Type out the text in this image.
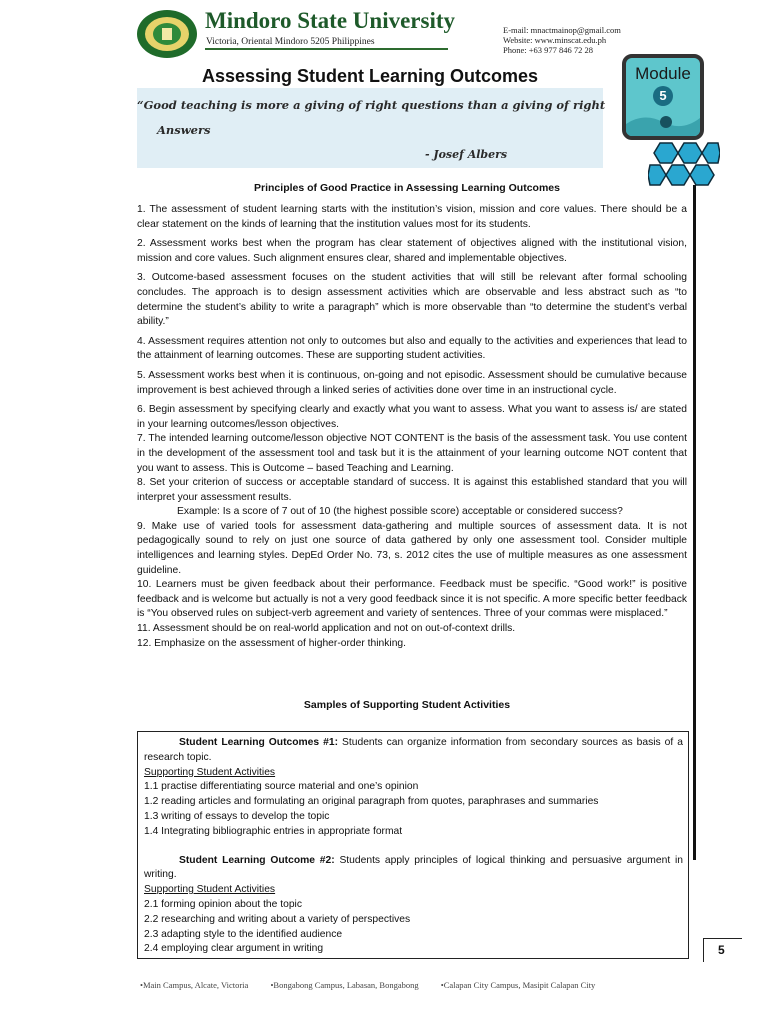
Mindoro State University
Victoria, Oriental Mindoro 5205 Philippines
E-mail: mnactmainop@gmail.com
Website: www.minscat.edu.ph
Phone: +63 977 846 72 28
Assessing Student Learning Outcomes
“Good teaching is more a giving of right questions than a giving of right
Answers
- Josef Albers
Module
5
Principles of Good Practice in Assessing Learning Outcomes

1. The assessment of student learning starts with the institution’s vision, mission and core values. There should be a clear statement on the kinds of learning that the institution values most for its students.

2. Assessment works best when the program has clear statement of objectives aligned with the institutional vision, mission and core values. Such alignment ensures clear, shared and implementable objectives.

3. Outcome-based assessment focuses on the student activities that will still be relevant after formal schooling concludes. The approach is to design assessment activities which are observable and less abstract such as “to determine the student’s ability to write a paragraph” which is more observable than “to determine the student’s verbal ability.”

4. Assessment requires attention not only to outcomes but also and equally to the activities and experiences that lead to the attainment of learning outcomes. These are supporting student activities.

5. Assessment works best when it is continuous, on-going and not episodic. Assessment should be cumulative because improvement is best achieved through a linked series of activities done over time in an instructional cycle.

6. Begin assessment by specifying clearly and exactly what you want to assess. What you want to assess is/ are stated in your learning outcomes/lesson objectives.

7. The intended learning outcome/lesson objective NOT CONTENT is the basis of the assessment task. You use content in the development of the assessment tool and task but it is the attainment of your learning outcome NOT content that you want to assess. This is Outcome – based Teaching and Learning.

8. Set your criterion of success or acceptable standard of success. It is against this established standard that you will interpret your assessment results.

Example: Is a score of 7 out of 10 (the highest possible score) acceptable or considered success?

9. Make use of varied tools for assessment data-gathering and multiple sources of assessment data. It is not pedagogically sound to rely on just one source of data gathered by only one assessment tool. Consider multiple intelligences and learning styles. DepEd Order No. 73, s. 2012 cites the use of multiple measures as one assessment guideline.

10. Learners must be given feedback about their performance. Feedback must be specific. “Good work!” is positive feedback and is welcome but actually is not a very good feedback since it is not specific. A more specific better feedback is “You observed rules on subject-verb agreement and variety of sentences. Three of your commas were misplaced.”

11. Assessment should be on real-world application and not on out-of-context drills.

12. Emphasize on the assessment of higher-order thinking.

Samples of Supporting Student Activities

Student Learning Outcomes #1: Students can organize information from secondary sources as basis of a research topic.

Supporting Student Activities
1.1 practise differentiating source material and one’s opinion
1.2 reading articles and formulating an original paragraph from quotes, paraphrases and summaries
1.3 writing of essays to develop the topic
1.4 Integrating bibliographic entries in appropriate format

Student Learning Outcome #2: Students apply principles of logical thinking and persuasive argument in writing.

Supporting Student Activities
2.1 forming opinion about the topic
2.2 researching and writing about a variety of perspectives
2.3 adapting style to the identified audience
2.4 employing clear argument in writing	5
•Main Campus, Alcate, Victoria	•Bongabong Campus, Labasan, Bongabong	•Calapan City Campus, Masipit Calapan City
